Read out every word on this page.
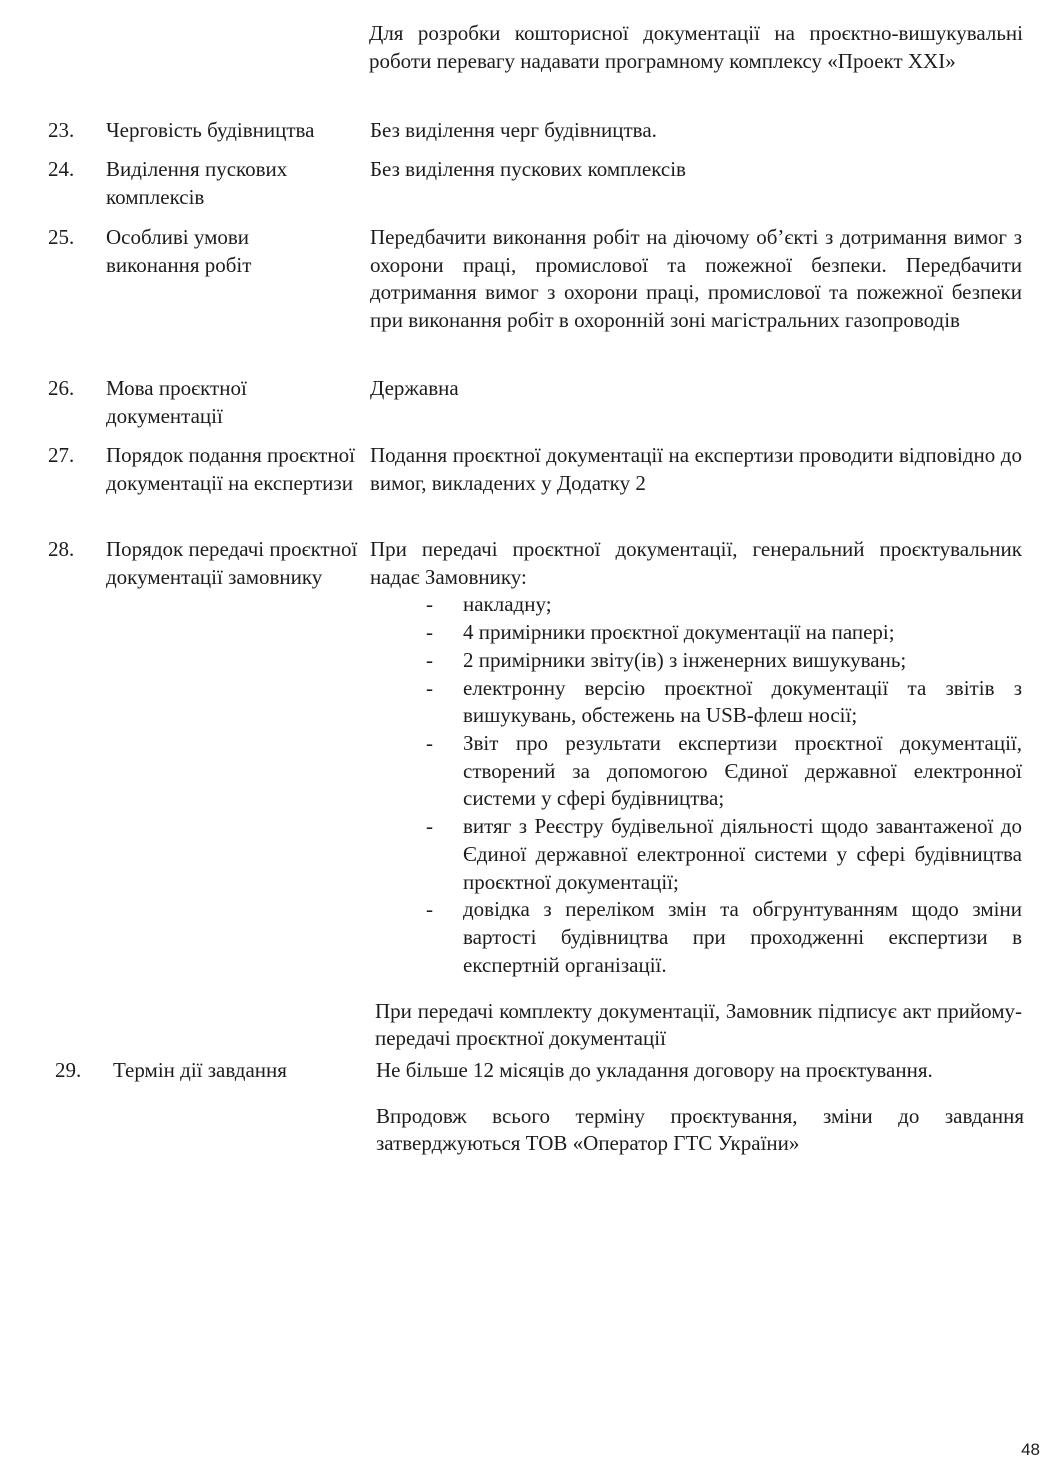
Для розробки кошторисної документації на проєктно-вишукувальні роботи перевагу надавати програмному комплексу «Проект XXI»
23. Черговість будівництва	Без виділення черг будівництва.
24. Виділення пускових комплексів
Без виділення пускових комплексів
25. Особливі умови виконання робіт
Передбачити виконання робіт на діючому об’єкті з дотримання вимог з охорони праці, промислової та пожежної безпеки. Передбачити дотримання вимог з охорони праці, промислової та пожежної безпеки при виконання робіт в охоронній зоні магістральних газопроводів
26. Мова проєктної документації
Державна
27. Порядок подання проєктної документації на експертизи
Подання проєктної документації на експертизи проводити відповідно до вимог, викладених у Додатку 2
28. Порядок передачі проєктної документації замовнику
При передачі проєктної документації, генеральний проєктувальник надає Замовнику:
- накладну;
- 4 примірники проєктної документації на папері;
- 2 примірники звіту(ів) з інженерних вишукувань;
- електронну версію проєктної документації та звітів з вишукувань, обстежень на USB-флеш носії;
- Звіт про результати експертизи проєктної документації, створений за допомогою Єдиної державної електронної системи у сфері будівництва;
- витяг з Реєстру будівельної діяльності щодо завантаженої до Єдиної державної електронної системи у сфері будівництва проєктної документації;
- довідка з переліком змін та обгрунтуванням щодо зміни вартості будівництва при проходженні експертизи в експертній організації.
При передачі комплекту документації, Замовник підписує акт прийому-передачі проєктної документації
29. Термін дії завдання	Не більше 12 місяців до укладання договору на проєктування.
Впродовж всього терміну проєктування, зміни до завдання затверджуються ТОВ «Оператор ГТС України»
48
